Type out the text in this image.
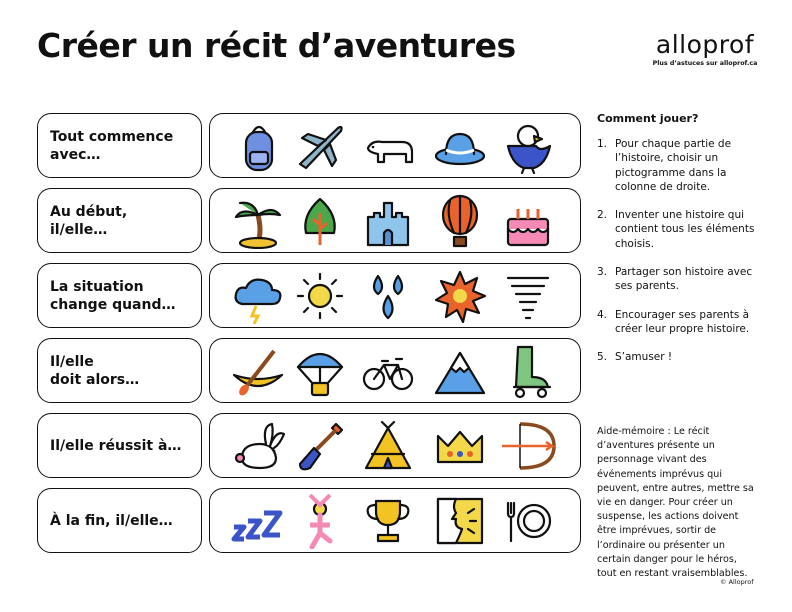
Créer un récit d’aventures	alloprof
Plus d’astuces sur alloprof.ca
Tout commence
avec…
Au début,
il/elle…
La situation
change quand…
Il/elle
doit alors…
Il/elle réussit à…
À la fin, il/elle…
Comment jouer?
1. Pour chaque partie de l’histoire, choisir un pictogramme dans la colonne de droite.
2. Inventer une histoire qui contient tous les éléments choisis.
3. Partager son histoire avec ses parents.
4. Encourager ses parents à créer leur propre histoire.
5. S’amuser !
Aide-mémoire : Le récit d’aventures présente un personnage vivant des événements imprévus qui peuvent, entre autres, mettre sa vie en danger. Pour créer un suspense, les actions doivent être imprévues, sortir de l’ordinaire ou présenter un certain danger pour le héros, tout en restant vraisemblables.
© Alloprof
